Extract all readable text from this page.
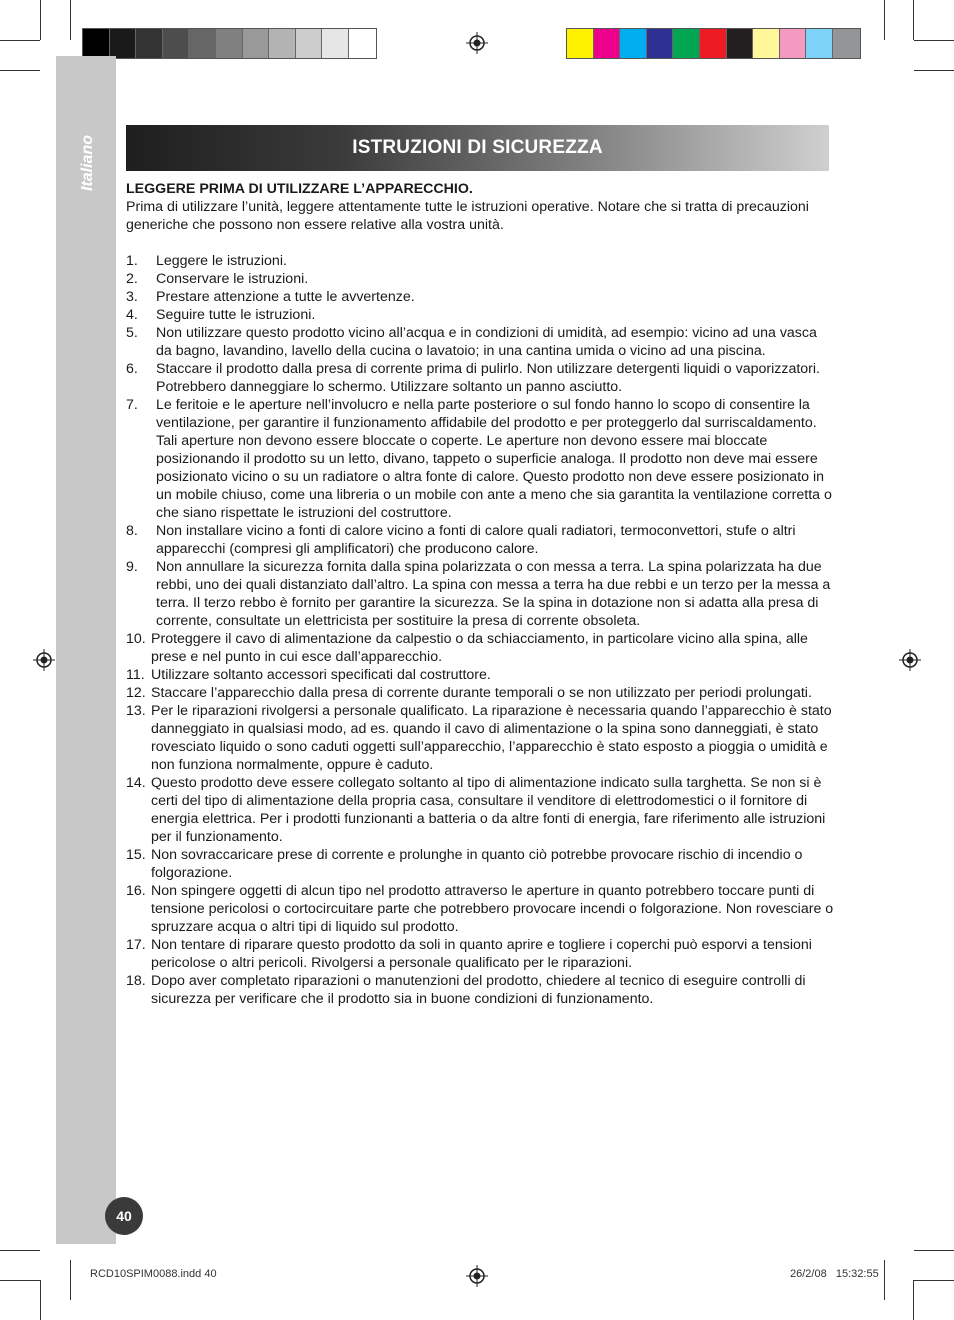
Italiano	ISTRUZIONI DI SICUREZZA
LEGGERE PRIMA DI UTILIZZARE L’APPARECCHIO.
Prima di utilizzare l’unità, leggere attentamente tutte le istruzioni operative. Notare che si tratta di precauzioni generiche che possono non essere relative alla vostra unità.
1.	Leggere le istruzioni.
2.	Conservare le istruzioni.
3.	Prestare attenzione a tutte le avvertenze.
4.	Seguire tutte le istruzioni.
5.	Non utilizzare questo prodotto vicino all’acqua e in condizioni di umidità, ad esempio: vicino ad una vasca da bagno, lavandino, lavello della cucina o lavatoio; in una cantina umida o vicino ad una piscina.
6.	Staccare il prodotto dalla presa di corrente prima di pulirlo. Non utilizzare detergenti liquidi o vaporizzatori. Potrebbero danneggiare lo schermo. Utilizzare soltanto un panno asciutto.
7.	Le feritoie e le aperture nell’involucro e nella parte posteriore o sul fondo hanno lo scopo di consentire la ventilazione, per garantire il funzionamento affidabile del prodotto e per proteggerlo dal surriscaldamento. Tali aperture non devono essere bloccate o coperte. Le aperture non devono essere mai bloccate posizionando il prodotto su un letto, divano, tappeto o superficie analoga. Il prodotto non deve mai essere posizionato vicino o su un radiatore o altra fonte di calore. Questo prodotto non deve essere posizionato in un mobile chiuso, come una libreria o un mobile con ante a meno che sia garantita la ventilazione corretta o che siano rispettate le istruzioni del costruttore.
8.	Non installare vicino a fonti di calore vicino a fonti di calore quali radiatori, termoconvettori, stufe o altri apparecchi (compresi gli amplificatori) che producono calore.
9.	Non annullare la sicurezza fornita dalla spina polarizzata o con messa a terra. La spina polarizzata ha due rebbi, uno dei quali distanziato dall’altro. La spina con messa a terra ha due rebbi e un terzo per la messa a terra. Il terzo rebbo è fornito per garantire la sicurezza. Se la spina in dotazione non si adatta alla presa di corrente, consultate un elettricista per sostituire la presa di corrente obsoleta.
10. Proteggere il cavo di alimentazione da calpestio o da schiacciamento, in particolare vicino alla spina, alle prese e nel punto in cui esce dall’apparecchio.
11. Utilizzare soltanto accessori specificati dal costruttore.
12. Staccare l’apparecchio dalla presa di corrente durante temporali o se non utilizzato per periodi prolungati.
13. Per le riparazioni rivolgersi a personale qualificato. La riparazione è necessaria quando l’apparecchio è stato danneggiato in qualsiasi modo, ad es. quando il cavo di alimentazione o la spina sono danneggiati, è stato rovesciato liquido o sono caduti oggetti sull’apparecchio, l’apparecchio è stato esposto a pioggia o umidità e non funziona normalmente, oppure è caduto.
14. Questo prodotto deve essere collegato soltanto al tipo di alimentazione indicato sulla targhetta. Se non si è certi del tipo di alimentazione della propria casa, consultare il venditore di elettrodomestici o il fornitore di energia elettrica. Per i prodotti funzionanti a batteria o da altre fonti di energia, fare riferimento alle istruzioni per il funzionamento.
15. Non sovraccaricare prese di corrente e prolunghe in quanto ciò potrebbe provocare rischio di incendio o folgorazione.
16. Non spingere oggetti di alcun tipo nel prodotto attraverso le aperture in quanto potrebbero toccare punti di tensione pericolosi o cortocircuitare parte che potrebbero provocare incendi o folgorazione. Non rovesciare o spruzzare acqua o altri tipi di liquido sul prodotto.
17. Non tentare di riparare questo prodotto da soli in quanto aprire e togliere i coperchi può esporvi a tensioni pericolose o altri pericoli. Rivolgersi a personale qualificato per le riparazioni.
18. Dopo aver completato riparazioni o manutenzioni del prodotto, chiedere al tecnico di eseguire controlli di sicurezza per verificare che il prodotto sia in buone condizioni di funzionamento.
40
RCD10SPIM0088.indd 40	26/2/08   15:32:55
